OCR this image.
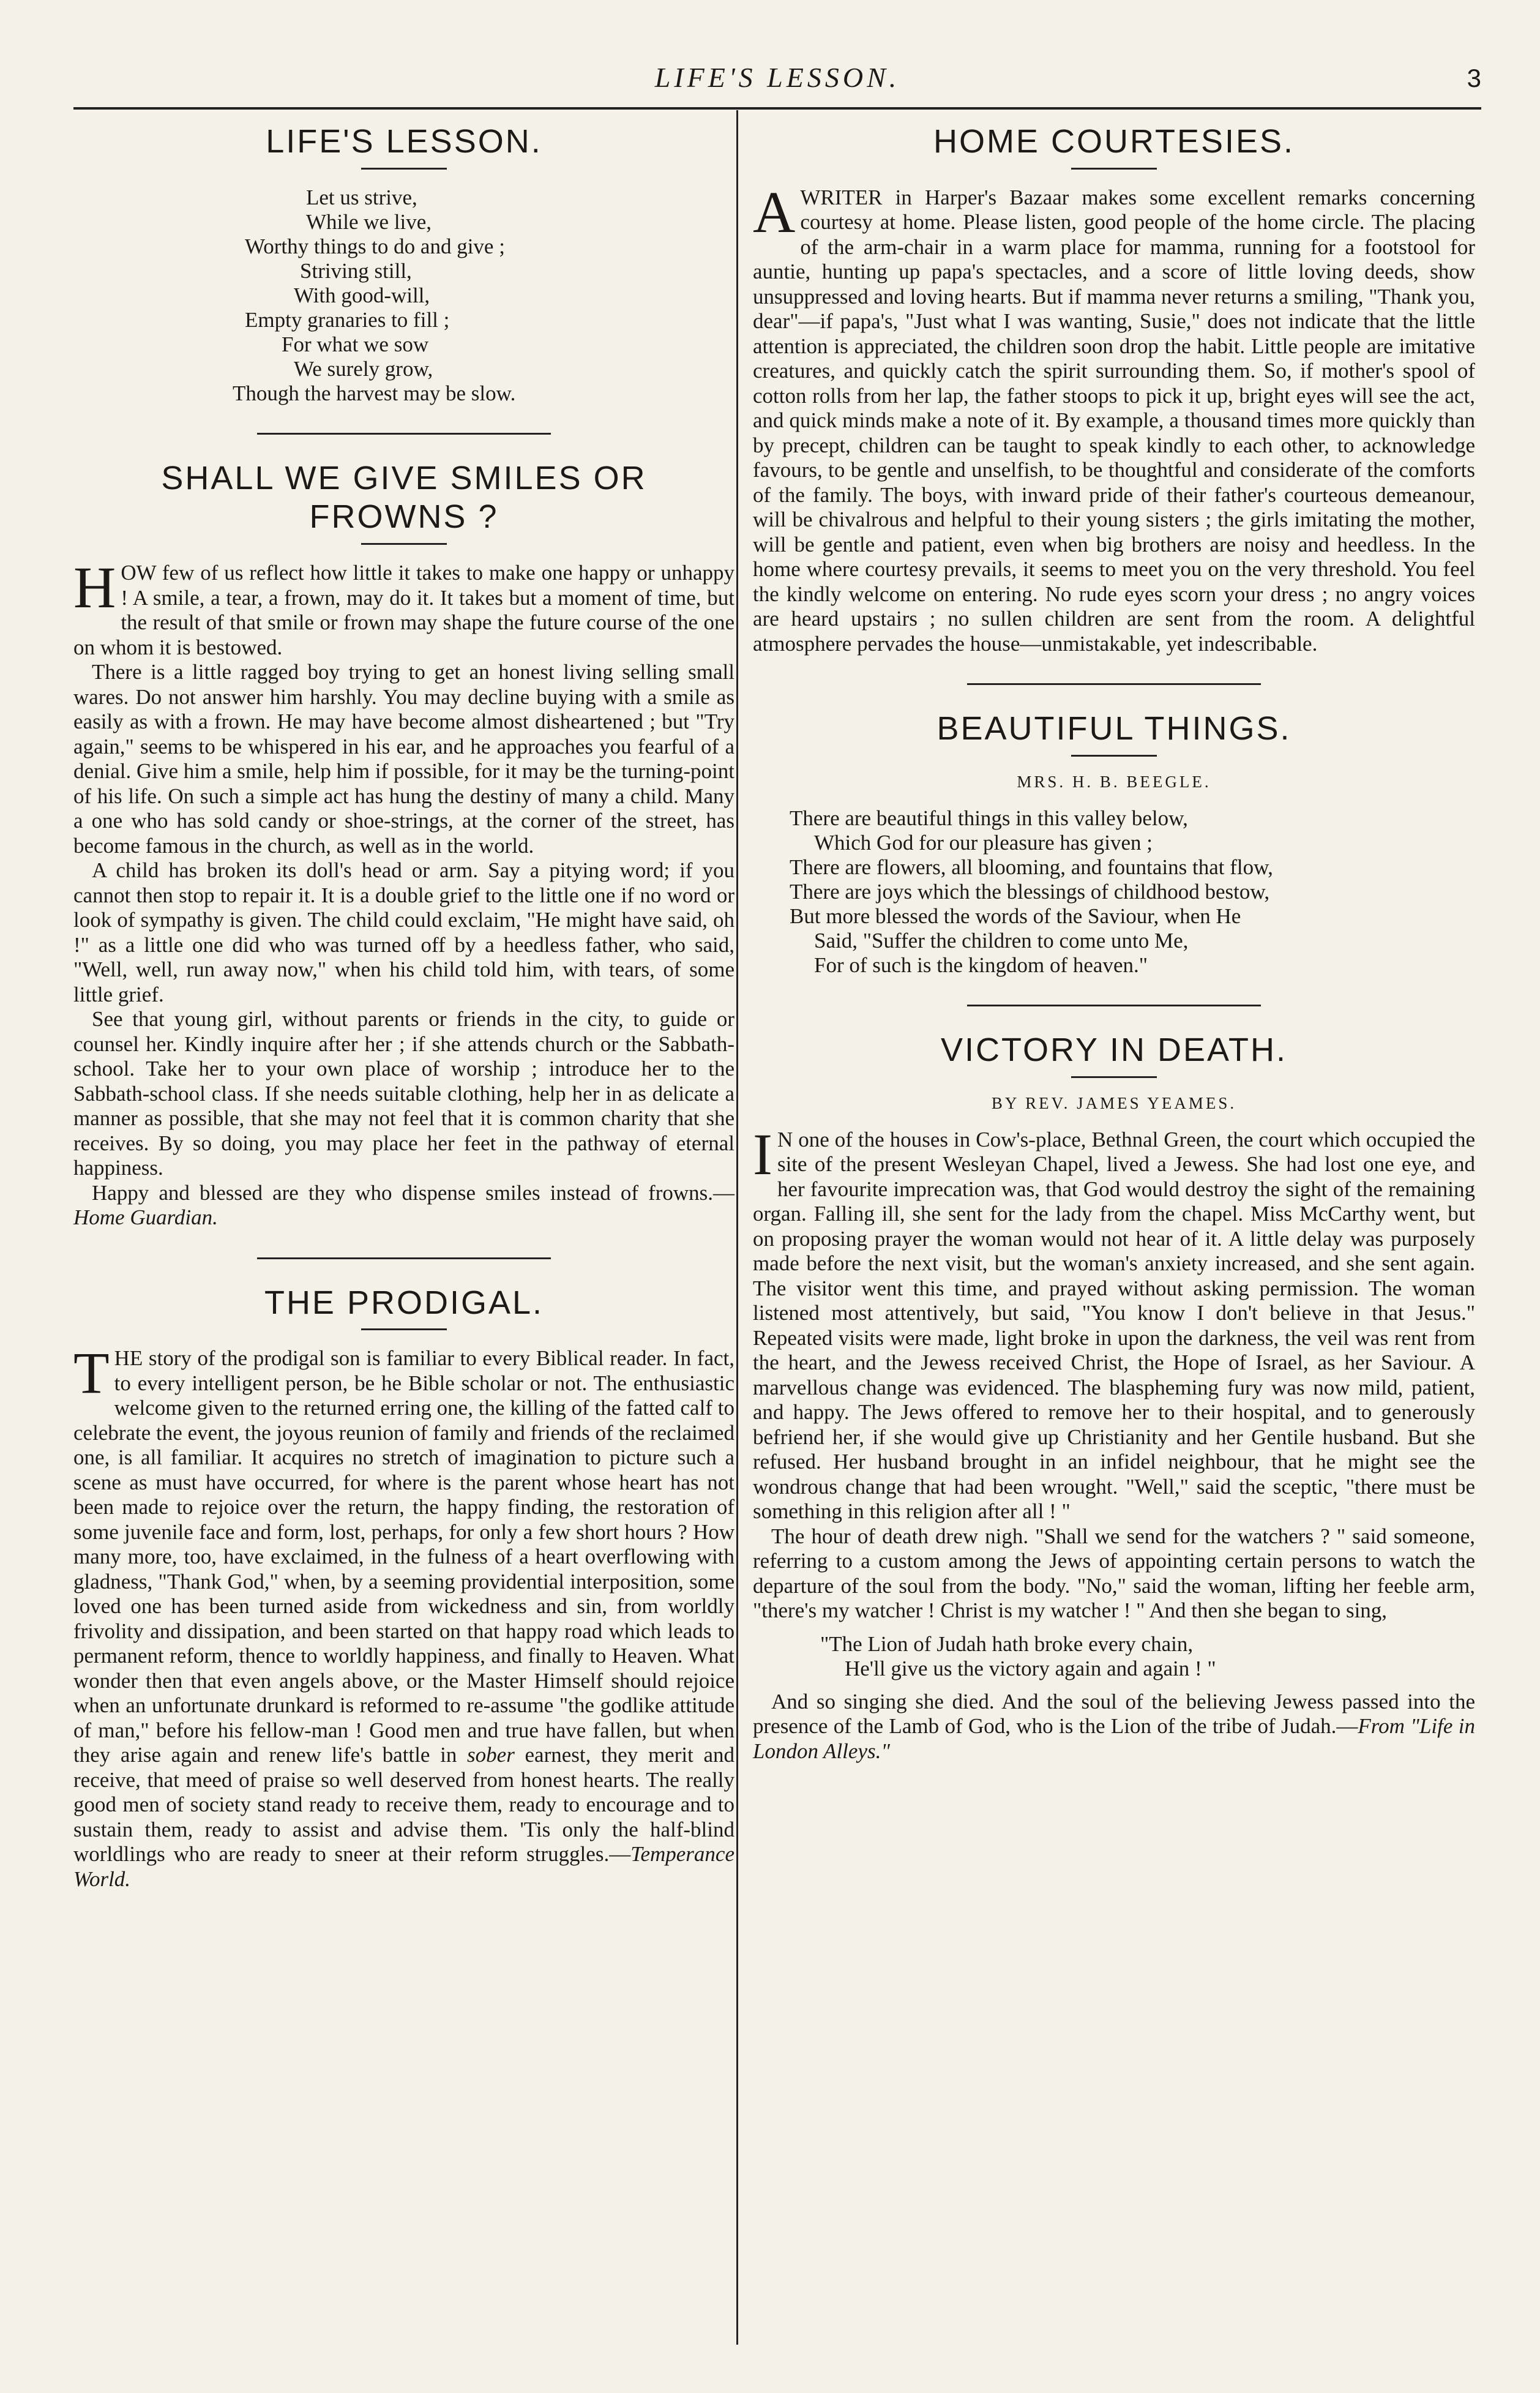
LIFE'S LESSON.	3
LIFE'S LESSON.
Let us strive,
While we live,
Worthy things to do and give ;
Striving still,
With good-will,
Empty granaries to fill ;
For what we sow
We surely grow,
Though the harvest may be slow.
SHALL WE GIVE SMILES OR FROWNS ?

HOW few of us reflect how little it takes to make one happy or unhappy ! A smile, a tear, a frown, may do it. It takes but a moment of time, but the result of that smile or frown may shape the future course of the one on whom it is bestowed.

There is a little ragged boy trying to get an honest living selling small wares. Do not answer him harshly. You may decline buying with a smile as easily as with a frown. He may have become almost disheartened ; but "Try again," seems to be whispered in his ear, and he approaches you fearful of a denial. Give him a smile, help him if possible, for it may be the turning-point of his life. On such a simple act has hung the destiny of many a child. Many a one who has sold candy or shoe-strings, at the corner of the street, has become famous in the church, as well as in the world.

A child has broken its doll's head or arm. Say a pitying word; if you cannot then stop to repair it. It is a double grief to the little one if no word or look of sympathy is given. The child could exclaim, "He might have said, oh !" as a little one did who was turned off by a heedless father, who said, "Well, well, run away now," when his child told him, with tears, of some little grief.

See that young girl, without parents or friends in the city, to guide or counsel her. Kindly inquire after her ; if she attends church or the Sabbath-school. Take her to your own place of worship ; introduce her to the Sabbath-school class. If she needs suitable clothing, help her in as delicate a manner as possible, that she may not feel that it is common charity that she receives. By so doing, you may place her feet in the pathway of eternal happiness.

Happy and blessed are they who dispense smiles instead of frowns.—Home Guardian.

THE PRODIGAL.

THE story of the prodigal son is familiar to every Biblical reader. In fact, to every intelligent person, be he Bible scholar or not. The enthusiastic welcome given to the returned erring one, the killing of the fatted calf to celebrate the event, the joyous reunion of family and friends of the reclaimed one, is all familiar. It acquires no stretch of imagination to picture such a scene as must have occurred, for where is the parent whose heart has not been made to rejoice over the return, the happy finding, the restoration of some juvenile face and form, lost, perhaps, for only a few short hours ? How many more, too, have exclaimed, in the fulness of a heart overflowing with gladness, "Thank God," when, by a seeming providential interposition, some loved one has been turned aside from wickedness and sin, from worldly frivolity and dissipation, and been started on that happy road which leads to permanent reform, thence to worldly happiness, and finally to Heaven. What wonder then that even angels above, or the Master Himself should rejoice when an unfortunate drunkard is reformed to re-assume "the godlike attitude of man," before his fellow-man ! Good men and true have fallen, but when they arise again and renew life's battle in sober earnest, they merit and receive, that meed of praise so well deserved from honest hearts. The really good men of society stand ready to receive them, ready to encourage and to sustain them, ready to assist and advise them. 'Tis only the half-blind worldlings who are ready to sneer at their reform struggles.—Temperance World.

HOME COURTESIES.

AWRITER in Harper's Bazaar makes some excellent remarks concerning courtesy at home. Please listen, good people of the home circle. The placing of the arm-chair in a warm place for mamma, running for a footstool for auntie, hunting up papa's spectacles, and a score of little loving deeds, show unsuppressed and loving hearts. But if mamma never returns a smiling, "Thank you, dear"—if papa's, "Just what I was wanting, Susie," does not indicate that the little attention is appreciated, the children soon drop the habit. Little people are imitative creatures, and quickly catch the spirit surrounding them. So, if mother's spool of cotton rolls from her lap, the father stoops to pick it up, bright eyes will see the act, and quick minds make a note of it. By example, a thousand times more quickly than by precept, children can be taught to speak kindly to each other, to acknowledge favours, to be gentle and unselfish, to be thoughtful and considerate of the comforts of the family. The boys, with inward pride of their father's courteous demeanour, will be chivalrous and helpful to their young sisters ; the girls imitating the mother, will be gentle and patient, even when big brothers are noisy and heedless. In the home where courtesy prevails, it seems to meet you on the very threshold. You feel the kindly welcome on entering. No rude eyes scorn your dress ; no angry voices are heard upstairs ; no sullen children are sent from the room. A delightful atmosphere pervades the house—unmistakable, yet indescribable.

BEAUTIFUL THINGS.
MRS. H. B. BEEGLE.
There are beautiful things in this valley below,
Which God for our pleasure has given ;
There are flowers, all blooming, and fountains that flow,
There are joys which the blessings of childhood bestow,
But more blessed the words of the Saviour, when He
Said, "Suffer the children to come unto Me,
For of such is the kingdom of heaven."
VICTORY IN DEATH.
BY REV. JAMES YEAMES.

IN one of the houses in Cow's-place, Bethnal Green, the court which occupied the site of the present Wesleyan Chapel, lived a Jewess. She had lost one eye, and her favourite imprecation was, that God would destroy the sight of the remaining organ. Falling ill, she sent for the lady from the chapel. Miss McCarthy went, but on proposing prayer the woman would not hear of it. A little delay was purposely made before the next visit, but the woman's anxiety increased, and she sent again. The visitor went this time, and prayed without asking permission. The woman listened most attentively, but said, "You know I don't believe in that Jesus." Repeated visits were made, light broke in upon the darkness, the veil was rent from the heart, and the Jewess received Christ, the Hope of Israel, as her Saviour. A marvellous change was evidenced. The blaspheming fury was now mild, patient, and happy. The Jews offered to remove her to their hospital, and to generously befriend her, if she would give up Christianity and her Gentile husband. But she refused. Her husband brought in an infidel neighbour, that he might see the wondrous change that had been wrought. "Well," said the sceptic, "there must be something in this religion after all ! "

The hour of death drew nigh. "Shall we send for the watchers ? " said someone, referring to a custom among the Jews of appointing certain persons to watch the departure of the soul from the body. "No," said the woman, lifting her feeble arm, "there's my watcher ! Christ is my watcher ! " And then she began to sing,

"The Lion of Judah hath broke every chain,
He'll give us the victory again and again ! "

And so singing she died. And the soul of the believing Jewess passed into the presence of the Lamb of God, who is the Lion of the tribe of Judah.—From "Life in London Alleys."
